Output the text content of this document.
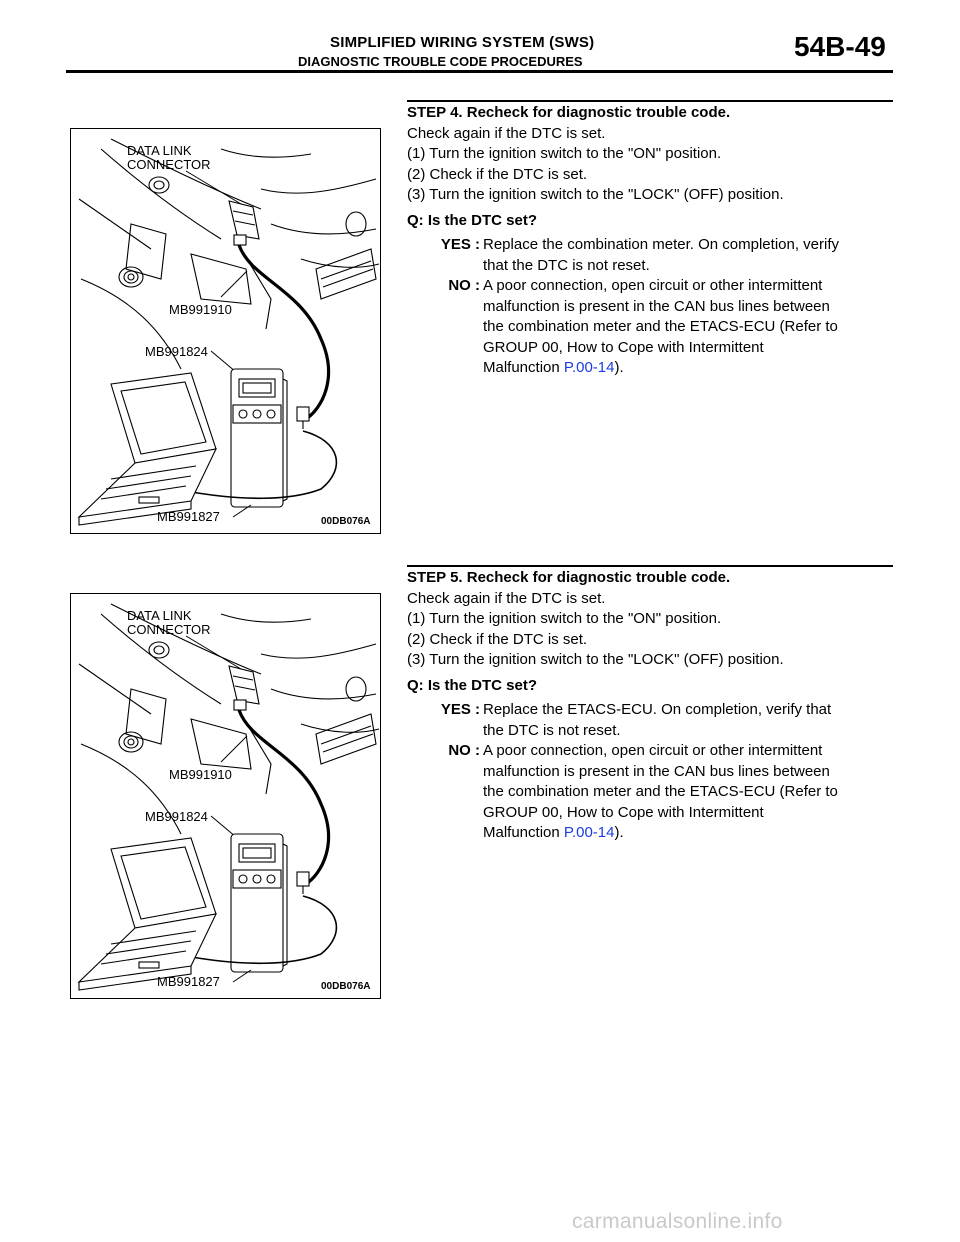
SIMPLIFIED WIRING SYSTEM (SWS)
DIAGNOSTIC TROUBLE CODE PROCEDURES	54B-49
DATA LINK
CONNECTOR
MB991910
MB991824
MB991827	00DB076A
DATA LINK
CONNECTOR
MB991910
MB991824
MB991827	00DB076A
STEP 4. Recheck for diagnostic trouble code.
Check again if the DTC is set.
(1) Turn the ignition switch to the "ON" position.
(2) Check if the DTC is set.
(3) Turn the ignition switch to the "LOCK" (OFF) position.
Q: Is the DTC set?
YES : Replace the combination meter. On completion, verify
that the DTC is not reset.
NO : A poor connection, open circuit or other intermittent
malfunction is present in the CAN bus lines between
the combination meter and the ETACS-ECU (Refer to
GROUP 00, How to Cope with Intermittent
Malfunction P.00-14).
STEP 5. Recheck for diagnostic trouble code.
Check again if the DTC is set.
(1) Turn the ignition switch to the "ON" position.
(2) Check if the DTC is set.
(3) Turn the ignition switch to the "LOCK" (OFF) position.
Q: Is the DTC set?
YES : Replace the ETACS-ECU. On completion, verify that
the DTC is not reset.
NO : A poor connection, open circuit or other intermittent
malfunction is present in the CAN bus lines between
the combination meter and the ETACS-ECU (Refer to
GROUP 00, How to Cope with Intermittent
Malfunction P.00-14).
carmanualsonline.info
